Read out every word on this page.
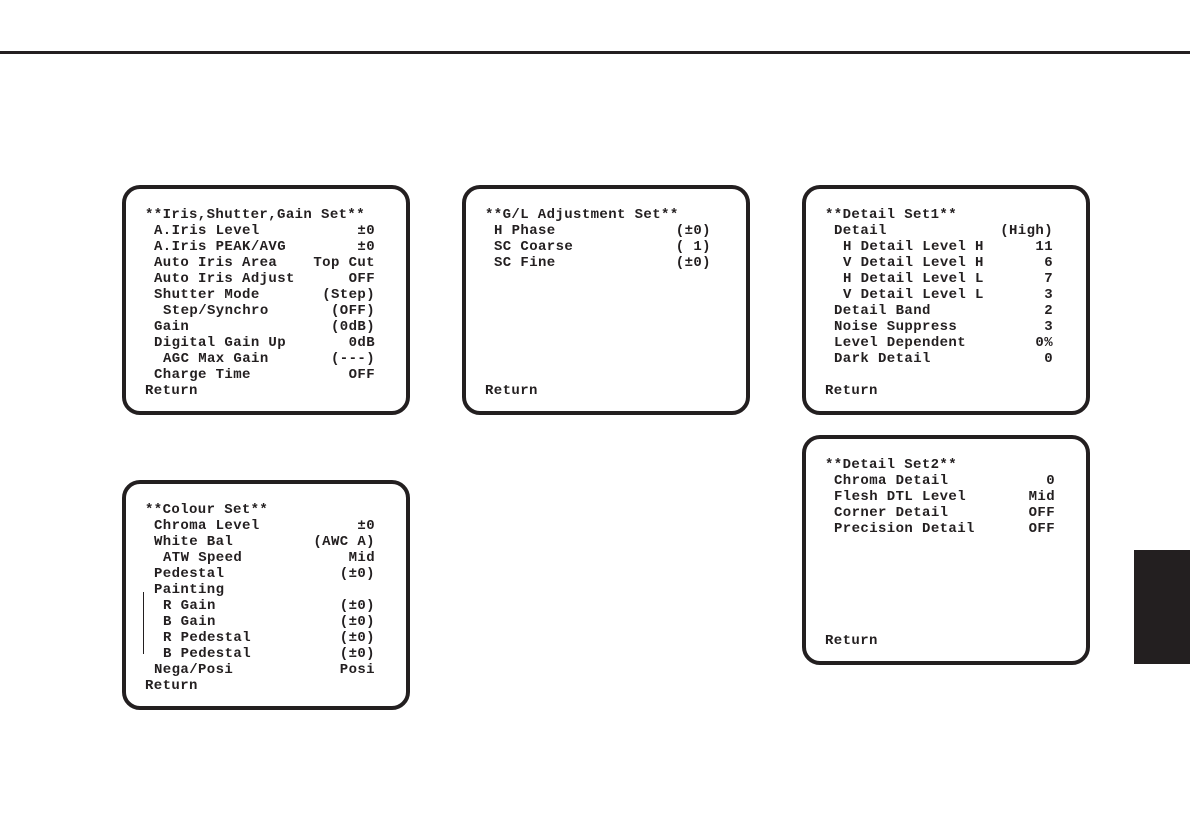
**Iris,Shutter,Gain Set**
A.Iris Level	±0
A.Iris PEAK/AVG	±0
Auto Iris Area	Top Cut
Auto Iris Adjust	OFF
Shutter Mode	(Step)
Step/Synchro	(OFF)
Gain	(0dB)
Digital Gain Up	0dB
AGC Max Gain	(---)
Charge Time	OFF
Return
**G/L Adjustment Set**
H Phase	(±0)
SC Coarse	( 1)
SC Fine	(±0)
Return
**Detail Set1**
Detail	(High)
H Detail Level H	11
V Detail Level H	6
H Detail Level L	7
V Detail Level L	3
Detail Band	2
Noise Suppress	3
Level Dependent	0%
Dark Detail	0
Return
**Colour Set**
Chroma Level	±0
White Bal	(AWC A)
ATW Speed	Mid
Pedestal	(±0)
Painting
R Gain	(±0)
B Gain	(±0)
R Pedestal	(±0)
B Pedestal	(±0)
Nega/Posi	Posi
Return
**Detail Set2**
Chroma Detail	0
Flesh DTL Level	Mid
Corner Detail	OFF
Precision Detail	OFF
Return
